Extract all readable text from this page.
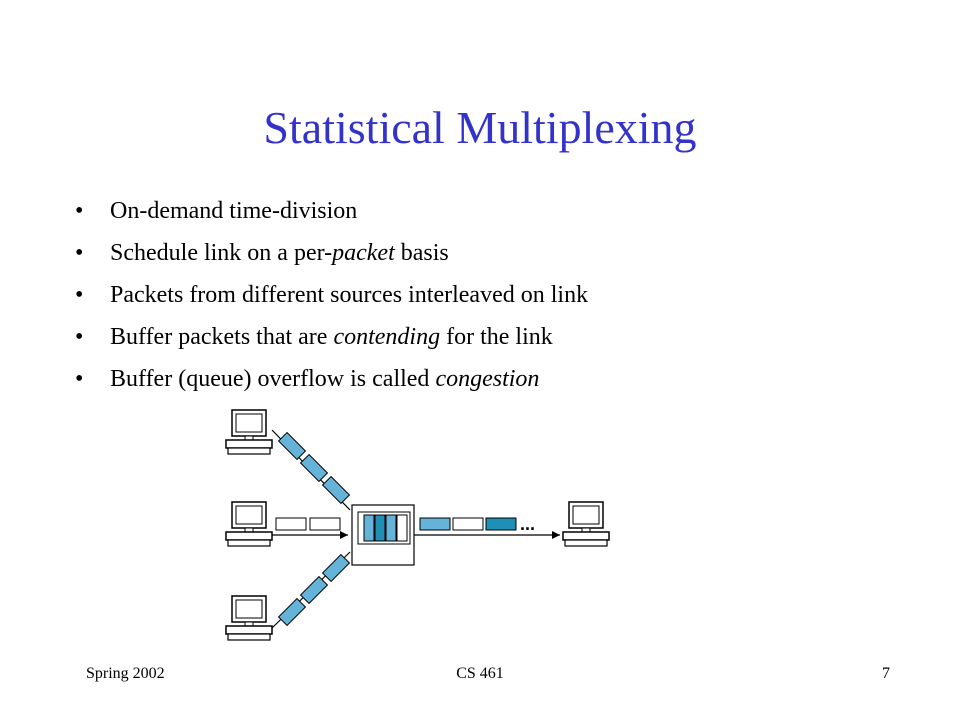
Statistical Multiplexing
• On-demand time-division
• Schedule link on a per-packet basis
• Packets from different sources interleaved on link
• Buffer packets that are contending for the link
• Buffer (queue) overflow is called congestion
...
Spring 2002	CS 461	7
